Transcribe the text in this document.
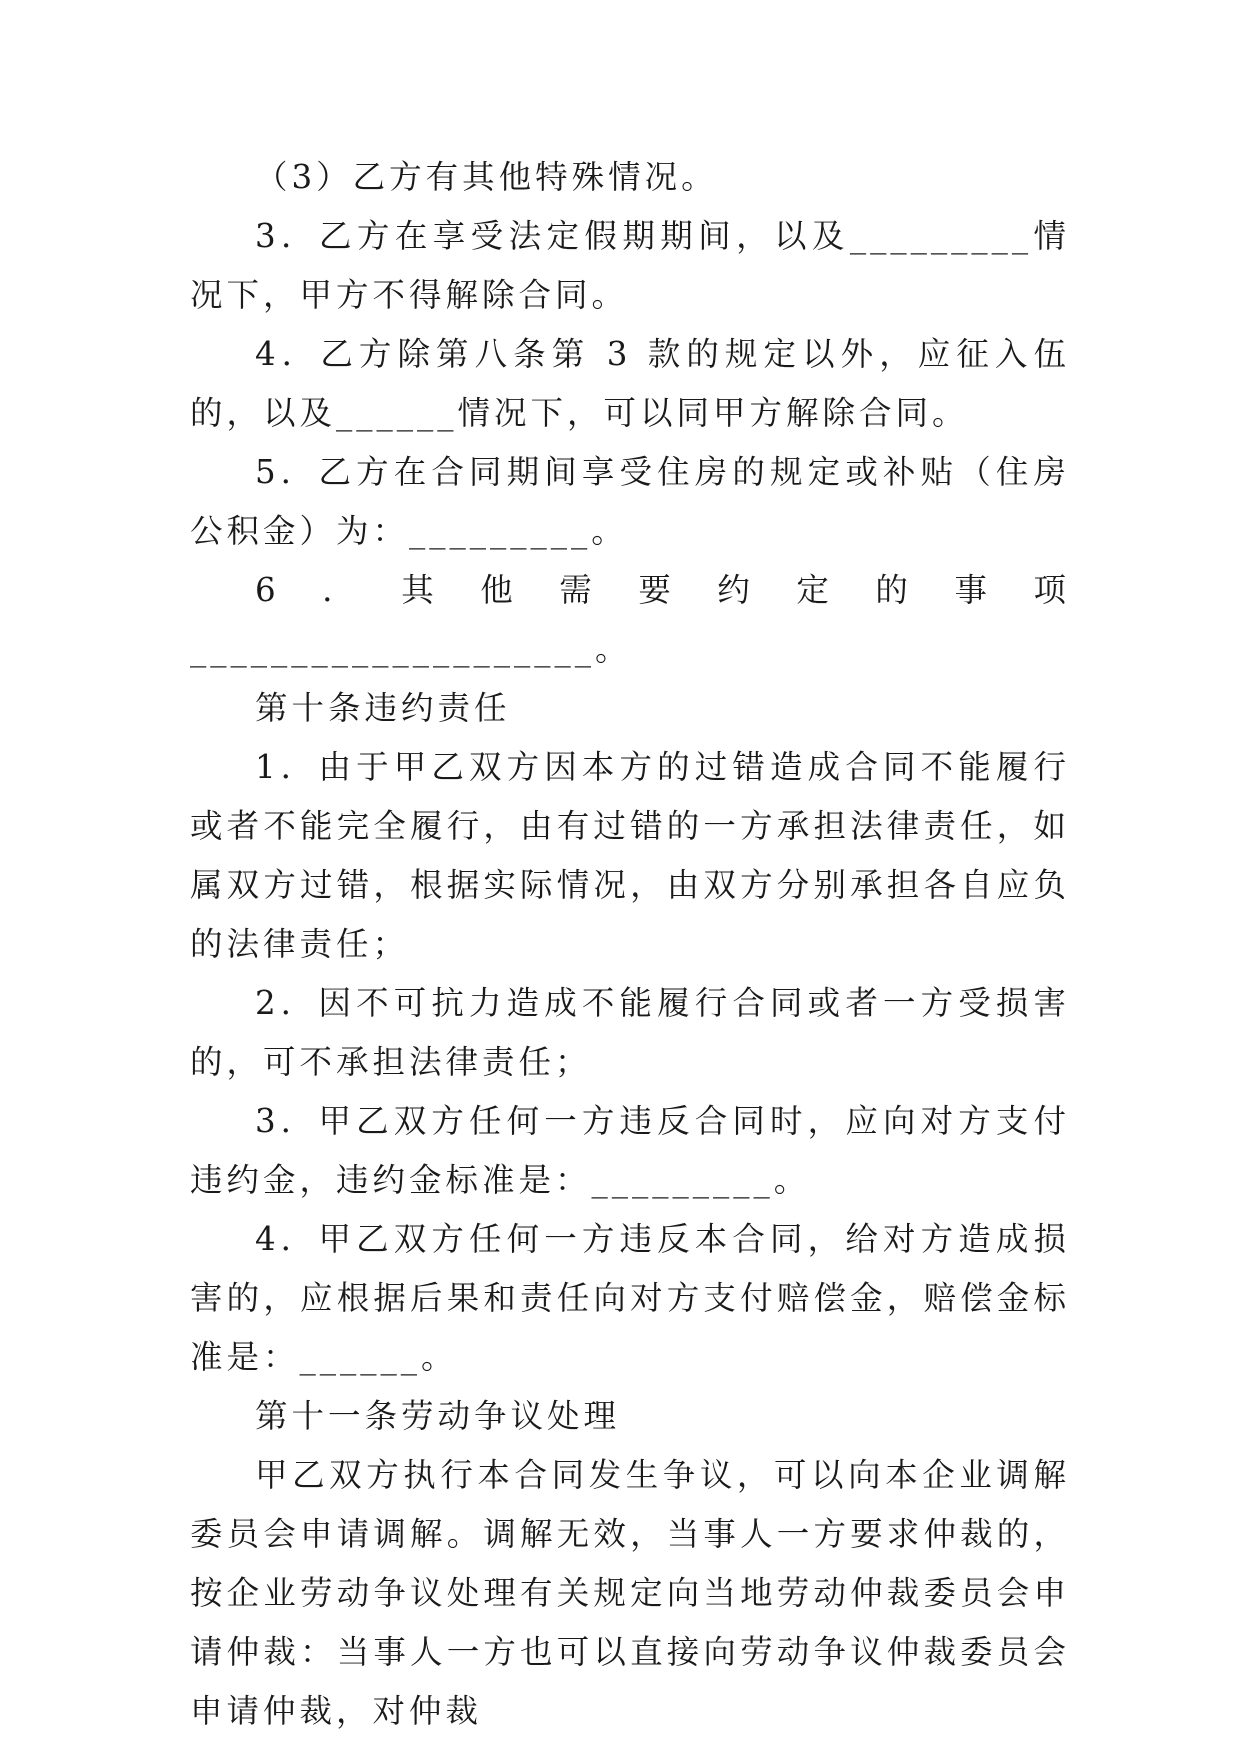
（3）乙方有其他特殊情况。

3．乙方在享受法定假期期间，以及_________情况下，甲方不得解除合同。

4．乙方除第八条第 3 款的规定以外，应征入伍的，以及______情况下，可以同甲方解除合同。

5．乙方在合同期间享受住房的规定或补贴（住房公积金）为：_________。

6．其他需要约定的事项____________________。

第十条违约责任

1．由于甲乙双方因本方的过错造成合同不能履行或者不能完全履行，由有过错的一方承担法律责任，如属双方过错，根据实际情况，由双方分别承担各自应负的法律责任；

2．因不可抗力造成不能履行合同或者一方受损害的，可不承担法律责任；

3．甲乙双方任何一方违反合同时，应向对方支付违约金，违约金标准是：_________。

4．甲乙双方任何一方违反本合同，给对方造成损害的，应根据后果和责任向对方支付赔偿金，赔偿金标准是：______。

第十一条劳动争议处理

甲乙双方执行本合同发生争议，可以向本企业调解委员会申请调解。调解无效，当事人一方要求仲裁的，按企业劳动争议处理有关规定向当地劳动仲裁委员会申请仲裁：当事人一方也可以直接向劳动争议仲裁委员会申请仲裁，对仲裁
